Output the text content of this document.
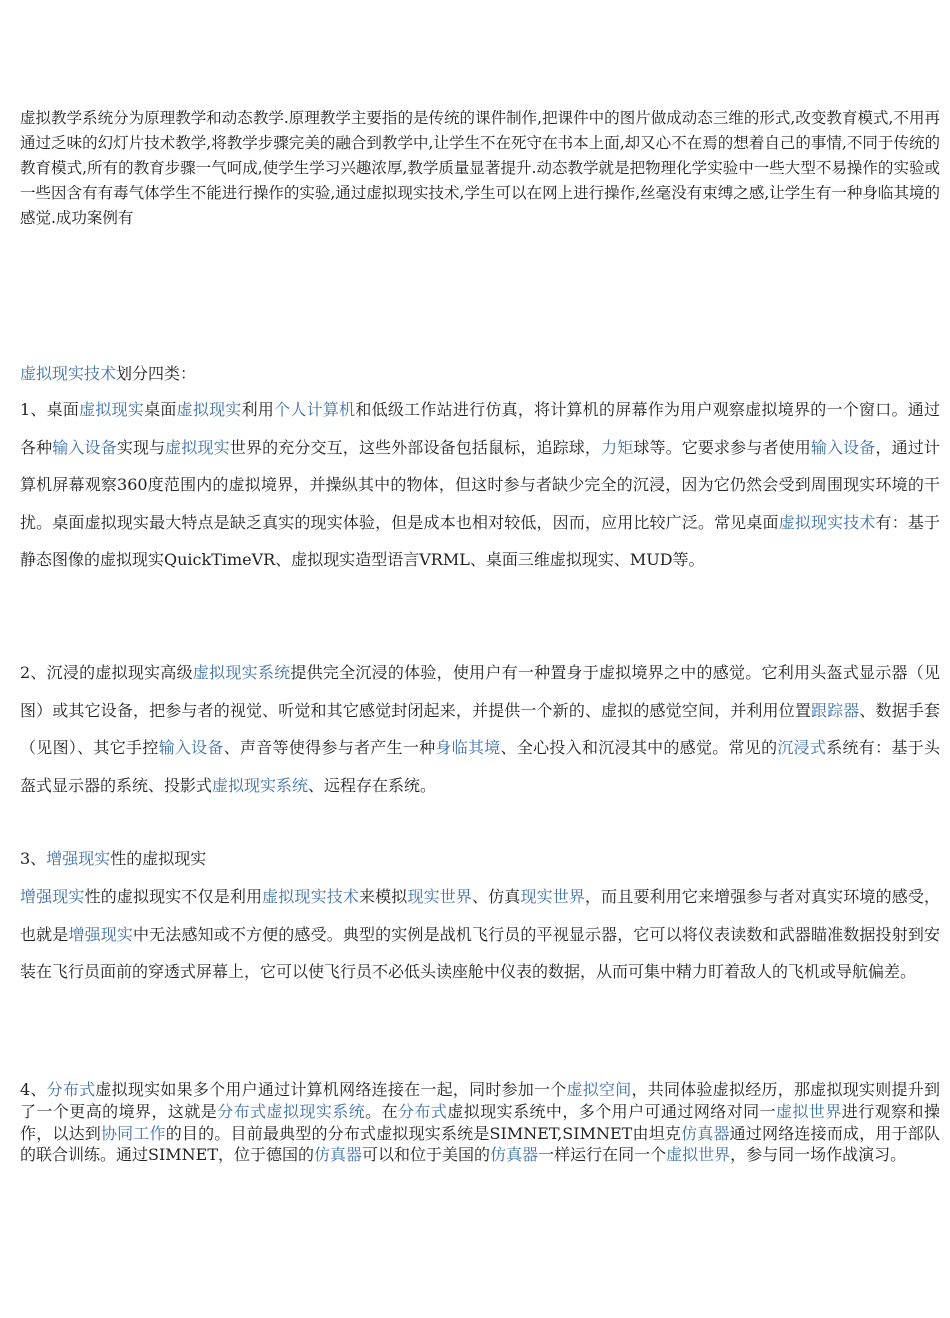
虚拟教学系统分为原理教学和动态教学.原理教学主要指的是传统的课件制作,把课件中的图片做成动态三维的形式,改变教育模式,不用再通过乏味的幻灯片技术教学,将教学步骤完美的融合到教学中,让学生不在死守在书本上面,却又心不在焉的想着自己的事情,不同于传统的教育模式,所有的教育步骤一气呵成,使学生学习兴趣浓厚,教学质量显著提升.动态教学就是把物理化学实验中一些大型不易操作的实验或一些因含有有毒气体学生不能进行操作的实验,通过虚拟现实技术,学生可以在网上进行操作,丝毫没有束缚之感,让学生有一种身临其境的感觉.成功案例有

虚拟现实技术划分四类：

1、桌面虚拟现实桌面虚拟现实利用个人计算机和低级工作站进行仿真，将计算机的屏幕作为用户观察虚拟境界的一个窗口。通过各种输入设备实现与虚拟现实世界的充分交互，这些外部设备包括鼠标，追踪球，力矩球等。它要求参与者使用输入设备，通过计算机屏幕观察360度范围内的虚拟境界，并操纵其中的物体，但这时参与者缺少完全的沉浸，因为它仍然会受到周围现实环境的干扰。桌面虚拟现实最大特点是缺乏真实的现实体验，但是成本也相对较低，因而，应用比较广泛。常见桌面虚拟现实技术有：基于静态图像的虚拟现实QuickTimeVR、虚拟现实造型语言VRML、桌面三维虚拟现实、MUD等。

2、沉浸的虚拟现实高级虚拟现实系统提供完全沉浸的体验，使用户有一种置身于虚拟境界之中的感觉。它利用头盔式显示器（见图）或其它设备，把参与者的视觉、听觉和其它感觉封闭起来，并提供一个新的、虚拟的感觉空间，并利用位置跟踪器、数据手套（见图）、其它手控输入设备、声音等使得参与者产生一种身临其境、全心投入和沉浸其中的感觉。常见的沉浸式系统有：基于头盔式显示器的系统、投影式虚拟现实系统、远程存在系统。

3、增强现实性的虚拟现实

增强现实性的虚拟现实不仅是利用虚拟现实技术来模拟现实世界、仿真现实世界，而且要利用它来增强参与者对真实环境的感受，也就是增强现实中无法感知或不方便的感受。典型的实例是战机飞行员的平视显示器，它可以将仪表读数和武器瞄准数据投射到安装在飞行员面前的穿透式屏幕上，它可以使飞行员不必低头读座舱中仪表的数据，从而可集中精力盯着敌人的飞机或导航偏差。

4、分布式虚拟现实如果多个用户通过计算机网络连接在一起，同时参加一个虚拟空间，共同体验虚拟经历，那虚拟现实则提升到了一个更高的境界，这就是分布式虚拟现实系统。在分布式虚拟现实系统中，多个用户可通过网络对同一虚拟世界进行观察和操作，以达到协同工作的目的。目前最典型的分布式虚拟现实系统是SIMNET,SIMNET由坦克仿真器通过网络连接而成，用于部队的联合训练。通过SIMNET，位于德国的仿真器可以和位于美国的仿真器一样运行在同一个虚拟世界，参与同一场作战演习。
